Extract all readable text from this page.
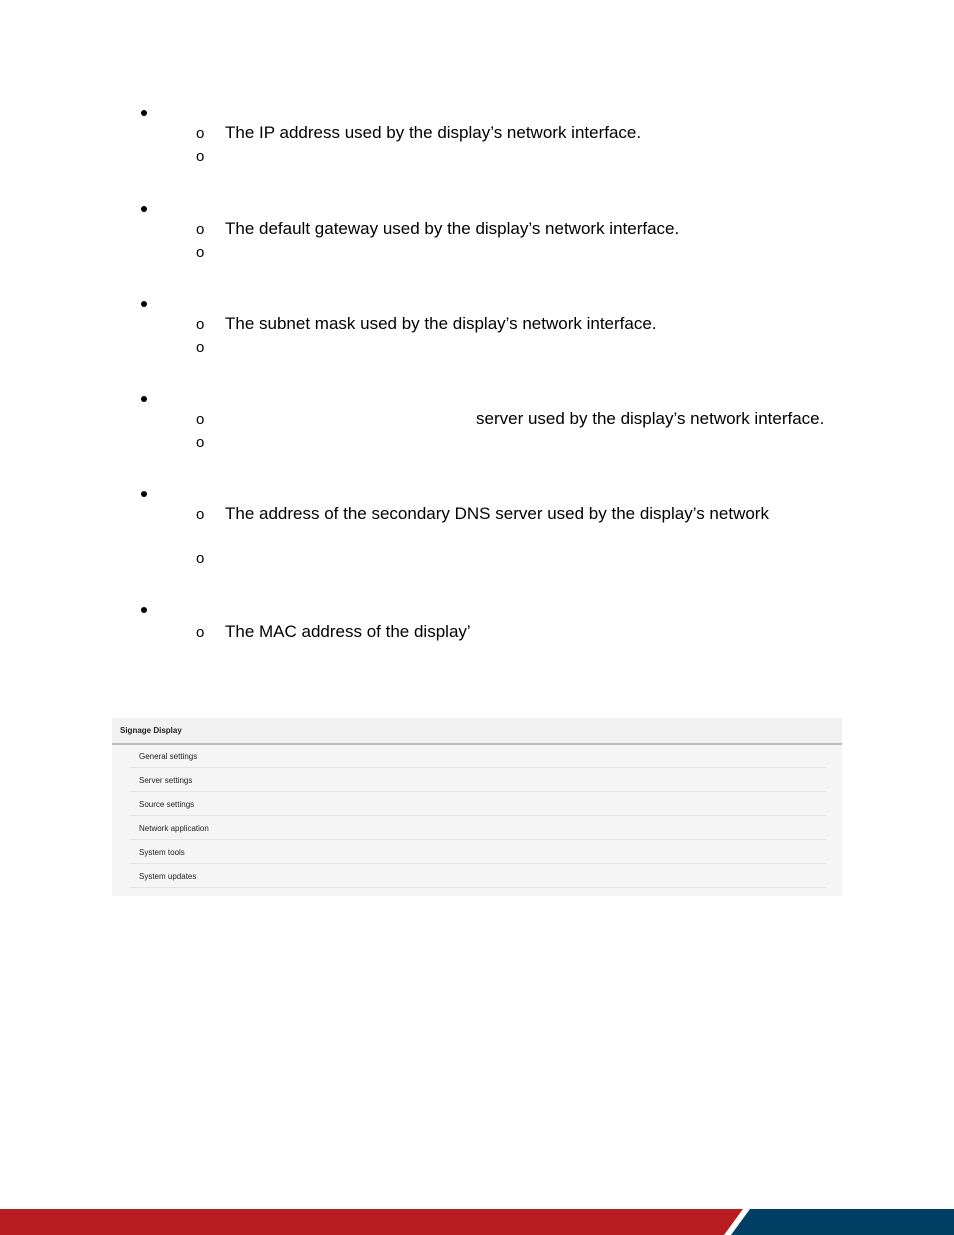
o The IP address used by the display’s network interface.
o
o The default gateway used by the display’s network interface.
o
o The subnet mask used by the display’s network interface.
o
o	server used by the display’s network interface.
o
o The address of the secondary DNS server used by the display’s network
o
o The MAC address of the display’
Signage Display
General settings
Server settings
Source settings
Network application
System tools
System updates
